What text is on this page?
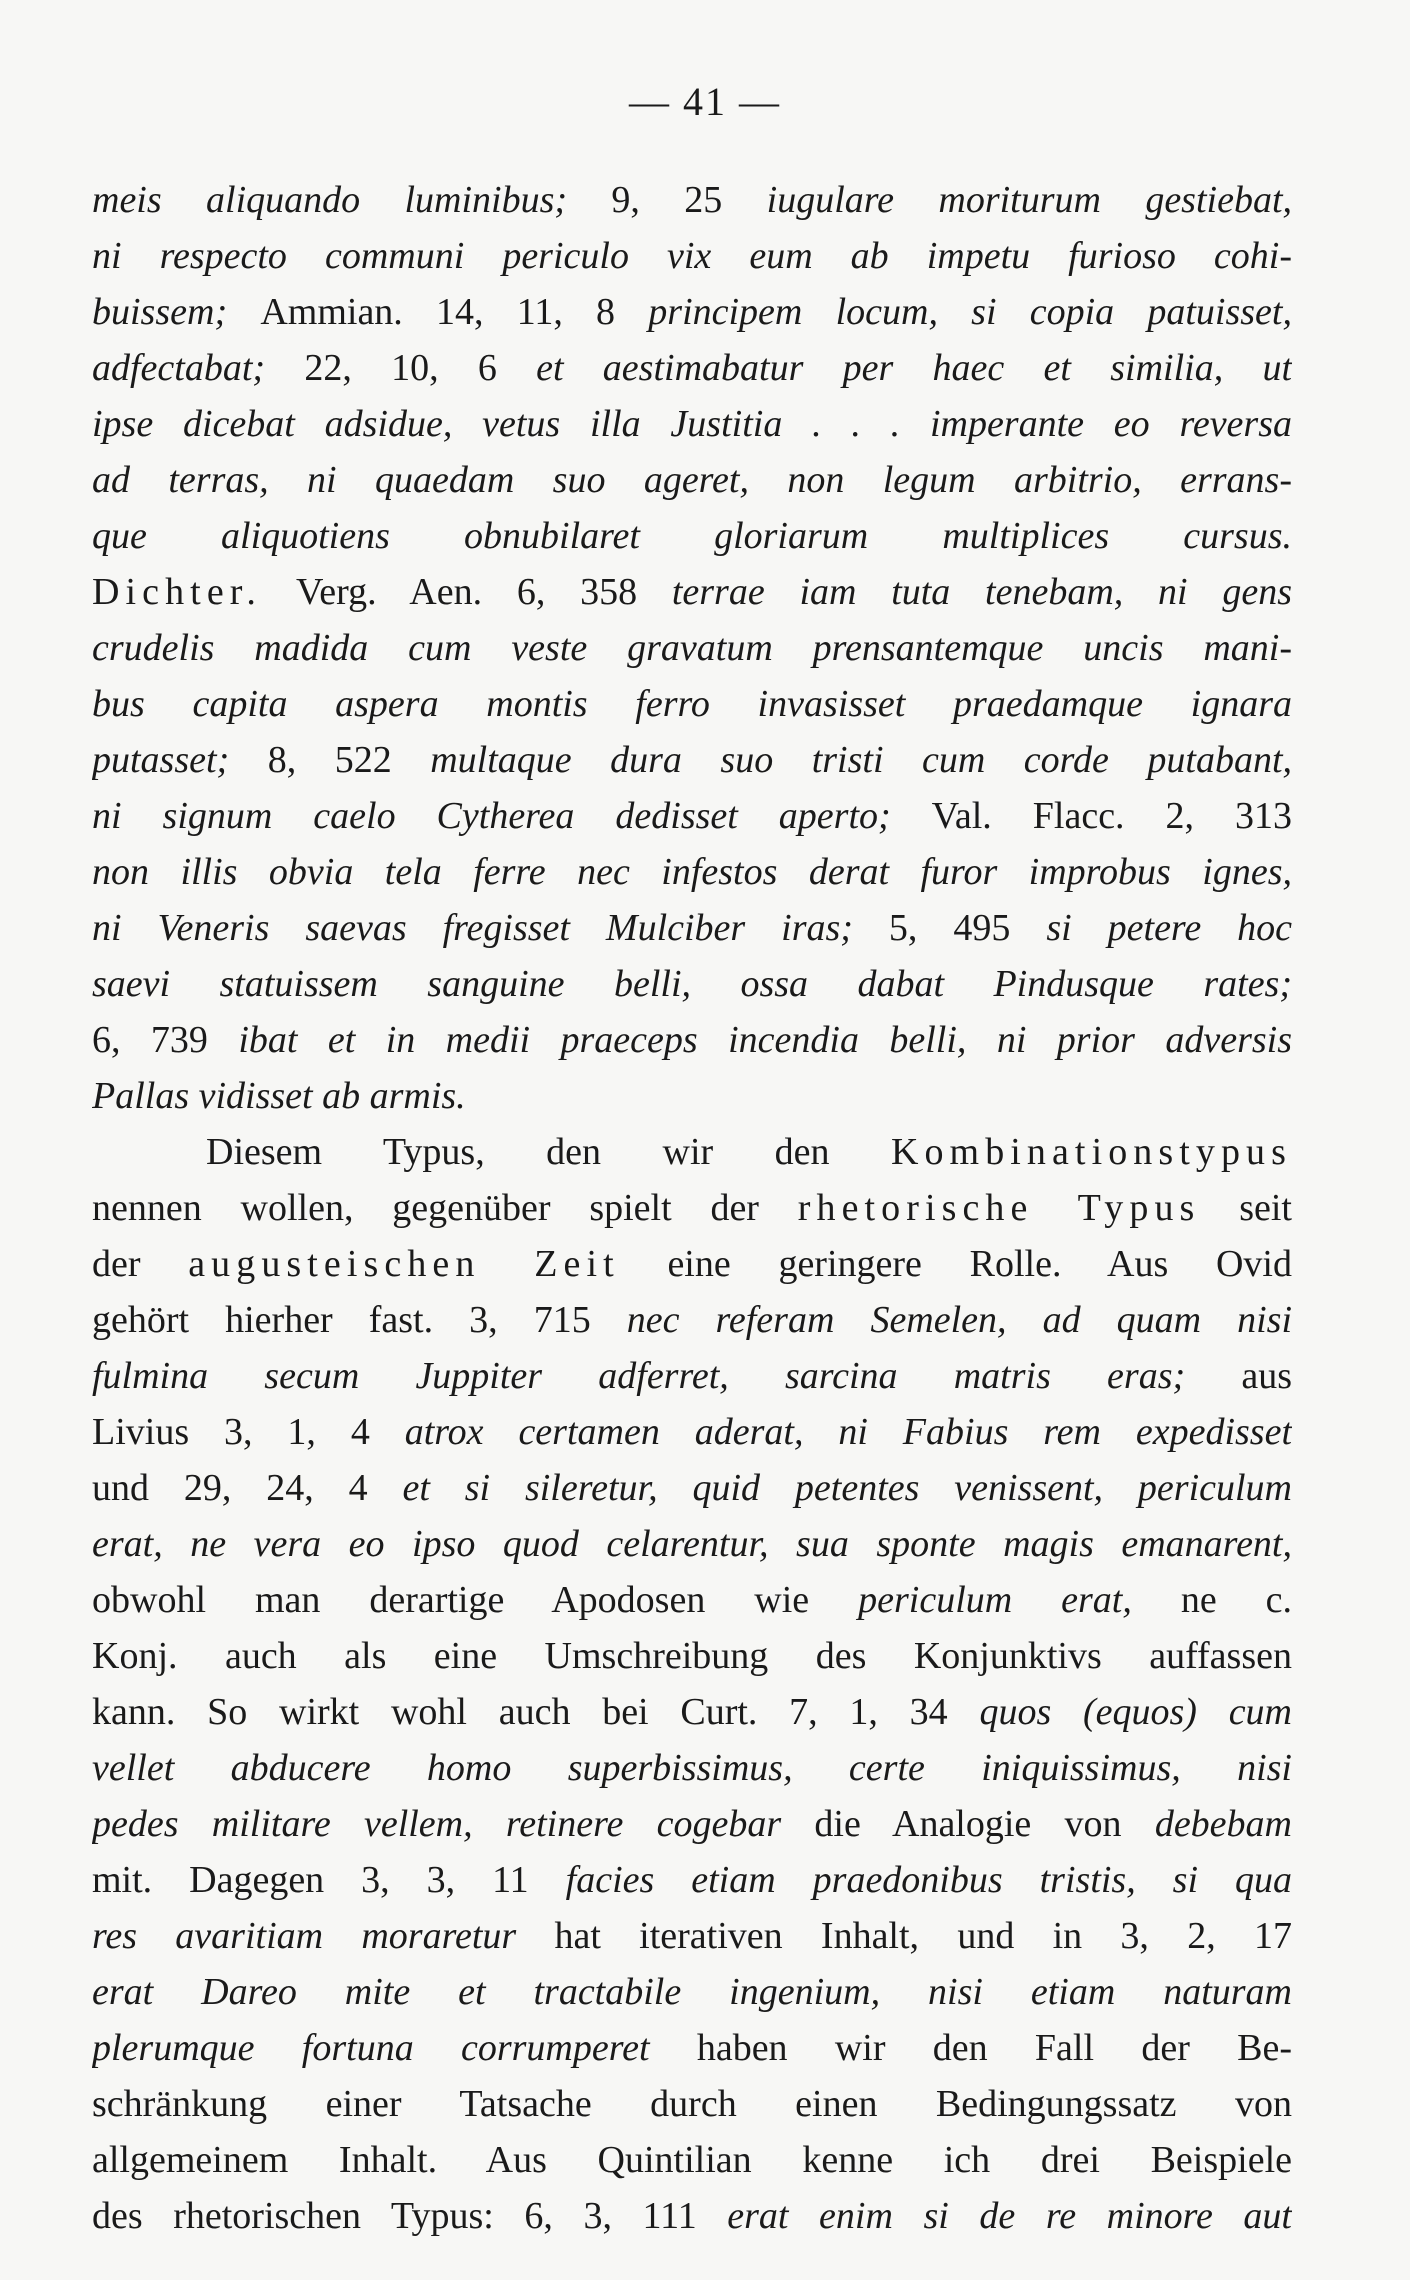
— 41 —
meis aliquando luminibus; 9, 25 iugulare moriturum gestiebat,
ni respecto communi periculo vix eum ab impetu furioso cohi-
buissem; Ammian. 14, 11, 8 principem locum, si copia patuisset,
adfectabat; 22, 10, 6 et aestimabatur per haec et similia, ut
ipse dicebat adsidue, vetus illa Justitia . . . imperante eo reversa
ad terras, ni quaedam suo ageret, non legum arbitrio, errans-
que aliquotiens obnubilaret gloriarum multiplices cursus.
Dichter. Verg. Aen. 6, 358 terrae iam tuta tenebam, ni gens
crudelis madida cum veste gravatum prensantemque uncis mani-
bus capita aspera montis ferro invasisset praedamque ignara
putasset; 8, 522 multaque dura suo tristi cum corde putabant,
ni signum caelo Cytherea dedisset aperto; Val. Flacc. 2, 313
non illis obvia tela ferre nec infestos derat furor improbus ignes,
ni Veneris saevas fregisset Mulciber iras; 5, 495 si petere hoc
saevi statuissem sanguine belli, ossa dabat Pindusque rates;
6, 739 ibat et in medii praeceps incendia belli, ni prior adversis
Pallas vidisset ab armis.
Diesem Typus, den wir den Kombinationstypus
nennen wollen, gegenüber spielt der rhetorische Typus seit
der augusteischen Zeit eine geringere Rolle. Aus Ovid
gehört hierher fast. 3, 715 nec referam Semelen, ad quam nisi
fulmina secum Juppiter adferret, sarcina matris eras; aus
Livius 3, 1, 4 atrox certamen aderat, ni Fabius rem expedisset
und 29, 24, 4 et si sileretur, quid petentes venissent, periculum
erat, ne vera eo ipso quod celarentur, sua sponte magis emanarent,
obwohl man derartige Apodosen wie periculum erat, ne c.
Konj. auch als eine Umschreibung des Konjunktivs auffassen
kann. So wirkt wohl auch bei Curt. 7, 1, 34 quos (equos) cum
vellet abducere homo superbissimus, certe iniquissimus, nisi
pedes militare vellem, retinere cogebar die Analogie von debebam
mit. Dagegen 3, 3, 11 facies etiam praedonibus tristis, si qua
res avaritiam moraretur hat iterativen Inhalt, und in 3, 2, 17
erat Dareo mite et tractabile ingenium, nisi etiam naturam
plerumque fortuna corrumperet haben wir den Fall der Be-
schränkung einer Tatsache durch einen Bedingungssatz von
allgemeinem Inhalt. Aus Quintilian kenne ich drei Beispiele
des rhetorischen Typus: 6, 3, 111 erat enim si de re minore aut
